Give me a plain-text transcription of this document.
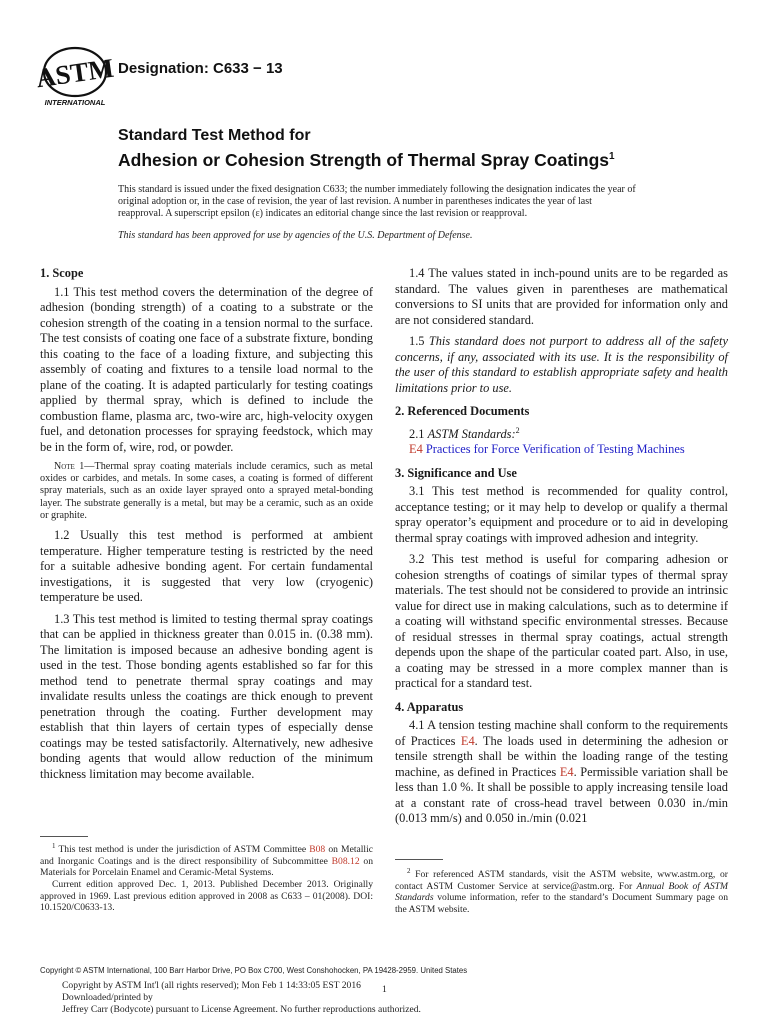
ASTM
INTERNATIONAL
Designation: C633 − 13
Standard Test Method for
Adhesion or Cohesion Strength of Thermal Spray Coatings$^1$
This standard is issued under the fixed designation C633; the number immediately following the designation indicates the year of original adoption or, in the case of revision, the year of last revision. A number in parentheses indicates the year of last reapproval. A superscript epsilon (ε) indicates an editorial change since the last revision or reapproval.
This standard has been approved for use by agencies of the U.S. Department of Defense.
1. Scope

1.1 This test method covers the determination of the degree of adhesion (bonding strength) of a coating to a substrate or the cohesion strength of the coating in a tension normal to the surface. The test consists of coating one face of a substrate fixture, bonding this coating to the face of a loading fixture, and subjecting this assembly of coating and fixtures to a tensile load normal to the plane of the coating. It is adapted particularly for testing coatings applied by thermal spray, which is defined to include the combustion flame, plasma arc, two-wire arc, high-velocity oxygen fuel, and detonation processes for spraying feedstock, which may be in the form of, wire, rod, or powder.

Note 1—Thermal spray coating materials include ceramics, such as metal oxides or carbides, and metals. In some cases, a coating is formed of different spray materials, such as an oxide layer sprayed onto a sprayed metal-bonding layer. The substrate generally is a metal, but may be a ceramic, such as an oxide or graphite.

1.2 Usually this test method is performed at ambient temperature. Higher temperature testing is restricted by the need for a suitable adhesive bonding agent. For certain fundamental investigations, it is suggested that very low (cryogenic) temperature be used.

1.3 This test method is limited to testing thermal spray coatings that can be applied in thickness greater than 0.015 in. (0.38 mm). The limitation is imposed because an adhesive bonding agent is used in the test. Those bonding agents established so far for this method tend to penetrate thermal spray coatings and may invalidate results unless the coatings are thick enough to prevent penetration through the coating. Further development may establish that thin layers of certain types of especially dense coatings may be tested satisfactorily. Alternatively, new adhesive bonding agents that would allow reduction of the minimum thickness limitation may become available.

1.4 The values stated in inch-pound units are to be regarded as standard. The values given in parentheses are mathematical conversions to SI units that are provided for information only and are not considered standard.

1.5 This standard does not purport to address all of the safety concerns, if any, associated with its use. It is the responsibility of the user of this standard to establish appropriate safety and health limitations prior to use.

2. Referenced Documents

2.1 ASTM Standards:$^2$

E4 Practices for Force Verification of Testing Machines

3. Significance and Use

3.1 This test method is recommended for quality control, acceptance testing; or it may help to develop or qualify a thermal spray operator’s equipment and procedure or to aid in developing thermal spray coatings with improved adhesion and integrity.

3.2 This test method is useful for comparing adhesion or cohesion strengths of coatings of similar types of thermal spray materials. The test should not be considered to provide an intrinsic value for direct use in making calculations, such as to determine if a coating will withstand specific environmental stresses. Because of residual stresses in thermal spray coatings, actual strength depends upon the shape of the particular coated part. Also, in use, a coating may be stressed in a more complex manner than is practical for a standard test.

4. Apparatus

4.1 A tension testing machine shall conform to the requirements of Practices E4. The loads used in determining the adhesion or tensile strength shall be within the loading range of the testing machine, as defined in Practices E4. Permissible variation shall be less than 1.0 %. It shall be possible to apply increasing tensile load at a constant rate of cross-head travel between 0.030 in./min (0.013 mm/s) and 0.050 in./min (0.021

$^1$ This test method is under the jurisdiction of ASTM Committee B08 on Metallic and Inorganic Coatings and is the direct responsibility of Subcommittee B08.12 on Materials for Porcelain Enamel and Ceramic-Metal Systems.

Current edition approved Dec. 1, 2013. Published December 2013. Originally approved in 1969. Last previous edition approved in 2008 as C633 – 01(2008). DOI: 10.1520/C0633-13.

$^2$ For referenced ASTM standards, visit the ASTM website, www.astm.org, or contact ASTM Customer Service at service@astm.org. For Annual Book of ASTM Standards volume information, refer to the standard’s Document Summary page on the ASTM website.

Copyright © ASTM International, 100 Barr Harbor Drive, PO Box C700, West Conshohocken, PA 19428-2959. United States
Copyright by ASTM Int'l (all rights reserved); Mon Feb 1 14:33:05 EST 2016
Downloaded/printed by
Jeffrey Carr (Bodycote) pursuant to License Agreement. No further reproductions authorized.
1
